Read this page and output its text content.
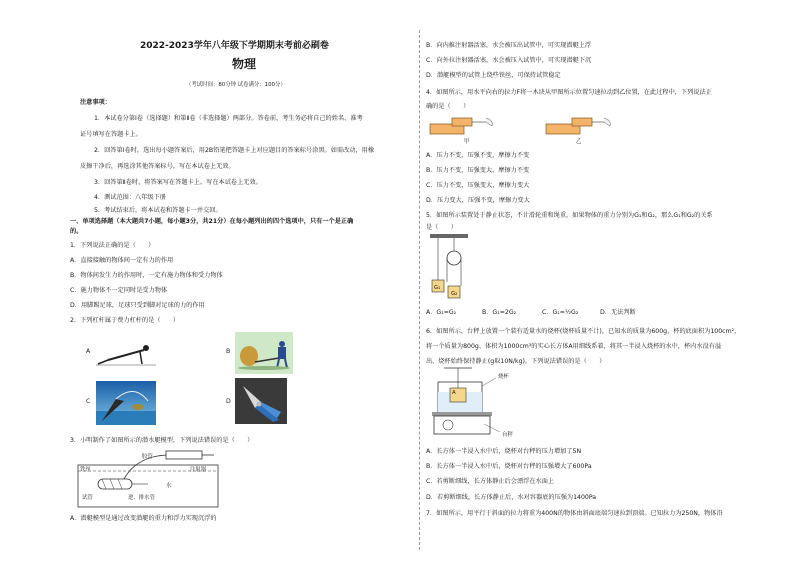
2022-2023学年八年级下学期期末考前必刷卷
物理
（考试时间：80分钟 试卷满分：100分）
注意事项：
1．本试卷分第Ⅰ卷（选择题）和第Ⅱ卷（非选择题）两部分。答卷前，考生务必将自己的姓名、准考
证号填写在答题卡上。
2．回答第Ⅰ卷时，选出每小题答案后，用2B铅笔把答题卡上对应题目的答案标号涂黑。如需改动，用橡
皮擦干净后，再选涂其他答案标号。写在本试卷上无效。
3．回答第Ⅱ卷时，将答案写在答题卡上。写在本试卷上无效。
4．测试范围：八年级下册
5．考试结束后，将本试卷和答题卡一并交回。
一、单项选择题（本大题共7小题，每小题3分，共21分）在每小题列出的四个选项中，只有一个是正确
的。
1．下列说法正确的是（　　）
A．直接接触的物体间一定有力的作用
B．物体间发生力的作用时，一定有施力物体和受力物体
C．施力物体不一定同时是受力物体
D．用脚踢足球，足球只受到脚对足球的力的作用
2．下列杠杆属于费力杠杆的是（　　）
A	B
C	D
3．小明制作了如图所示的潜水艇模型，下列说法错误的是（　　）
胶管
铁丝	注射器
试管
水
进、排水管
A．潜艇模型是通过改变潜艇的重力和浮力实现沉浮的
B．向内推注射器活塞，水会被压出试管中，可实现潜艇上浮
C．向外拉注射器活塞，水会被压入试管中，可实现潜艇下沉
D．潜艇模型的试管上绕些铁丝，可保持试管稳定
4．如图所示，用水平向右的拉力F将一木块从甲图所示位置匀速拉动到乙位置，在此过程中，下列说法正
确的是（　　）
甲	乙
A．压力不变，压强不变，摩擦力不变
B．压力不变，压强变大，摩擦力不变
C．压力不变，压强变大，摩擦力变大
D．压力变大，压强不变，摩擦力变大
5．如图所示装置处于静止状态，不计滑轮重和绳重，如果物体的重力分别为G₁和G₂，那么G₁和G₂的关系
是（　　）
G₁
G₂
A．G₁=G₂	B．G₁=2G₂	C．G₁=½G₂	D．无法判断
6．如图所示，台秤上放置一个装有适量水的烧杯(烧杯质量不计)，已知水的质量为600g，杯的底面积为100cm²，
将一个质量为800g、体积为1000cm³的实心长方体A用细线系着，将其一半浸入烧杯的水中，杯内水没有溢
出，烧杯始终保持静止(g取10N/kg)。下列说法错误的是（　　）
A
烧杯
台秤
A．长方体一半浸入水中后，烧杯对台秤的压力增加了5N
B．长方体一半浸入水中后，烧杯对台秤的压强增大了600Pa
C．若剪断细线，长方体静止后会漂浮在水面上
D．若剪断细线，长方体静止后，水对容器底的压强为1400Pa
7．如图所示，用平行于斜面的拉力将重为400N的物体由斜面底端匀速拉到顶端。已知拉力为250N，物体沿
